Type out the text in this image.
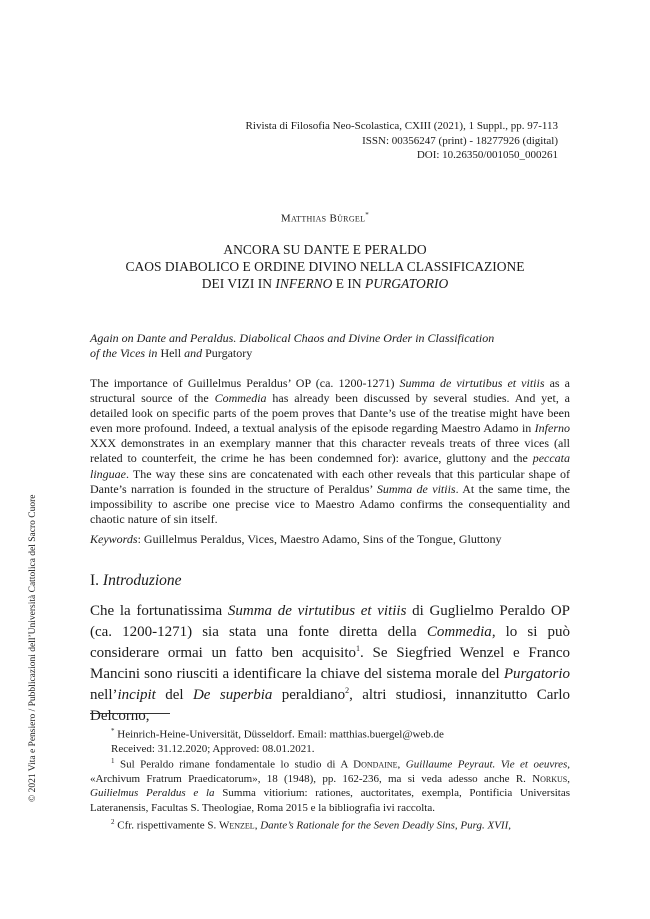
Rivista di Filosofia Neo-Scolastica, CXIII (2021), 1 Suppl., pp. 97-113
ISSN: 00356247 (print) - 18277926 (digital)
DOI: 10.26350/001050_000261
Matthias Bürgel*
ANCORA SU DANTE E PERALDO
CAOS DIABOLICO E ORDINE DIVINO NELLA CLASSIFICAZIONE
DEI VIZI IN INFERNO E IN PURGATORIO
Again on Dante and Peraldus. Diabolical Chaos and Divine Order in Classification
of the Vices in Hell and Purgatory
The importance of Guillelmus Peraldus’ OP (ca. 1200-1271) Summa de virtutibus et vitiis as a structural source of the Commedia has already been discussed by several studies. And yet, a detailed look on specific parts of the poem proves that Dante’s use of the treatise might have been even more profound. Indeed, a textual analysis of the episode regarding Maestro Adamo in Inferno XXX demonstrates in an exemplary manner that this character reveals treats of three vices (all related to counterfeit, the crime he has been condemned for): avarice, gluttony and the peccata linguae. The way these sins are concatenated with each other reveals that this particular shape of Dante’s narration is founded in the structure of Peraldus’ Summa de vitiis. At the same time, the impossibility to ascribe one precise vice to Maestro Adamo confirms the consequentiality and chaotic nature of sin itself.
Keywords: Guillelmus Peraldus, Vices, Maestro Adamo, Sins of the Tongue, Gluttony
I. Introduzione
Che la fortunatissima Summa de virtutibus et vitiis di Guglielmo Peraldo OP (ca. 1200-1271) sia stata una fonte diretta della Commedia, lo si può considerare ormai un fatto ben acquisito$^1$. Se Siegfried Wenzel e Franco Mancini sono riusciti a identificare la chiave del sistema morale del Purgatorio nell’incipit del De superbia peraldiano$^2$, altri studiosi, innanzitutto Carlo Delcorno,
* Heinrich-Heine-Universität, Düsseldorf. Email: matthias.buergel@web.de
Received: 31.12.2020; Approved: 08.01.2021.

$^1$ Sul Peraldo rimane fondamentale lo studio di A Dondaine, Guillaume Peyraut. Vie et oeuvres, «Archivum Fratrum Praedicatorum», 18 (1948), pp. 162-236, ma si veda adesso anche R. Norkus, Guilielmus Peraldus e la Summa vitiorium: rationes, auctoritates, exempla, Pontificia Universitas Lateranensis, Facultas S. Theologiae, Roma 2015 e la bibliografia ivi raccolta.

$^2$ Cfr. rispettivamente S. Wenzel, Dante’s Rationale for the Seven Deadly Sins, Purg. XVII,

© 2021 Vita e Pensiero / Pubblicazioni dell’Università Cattolica del Sacro Cuore
